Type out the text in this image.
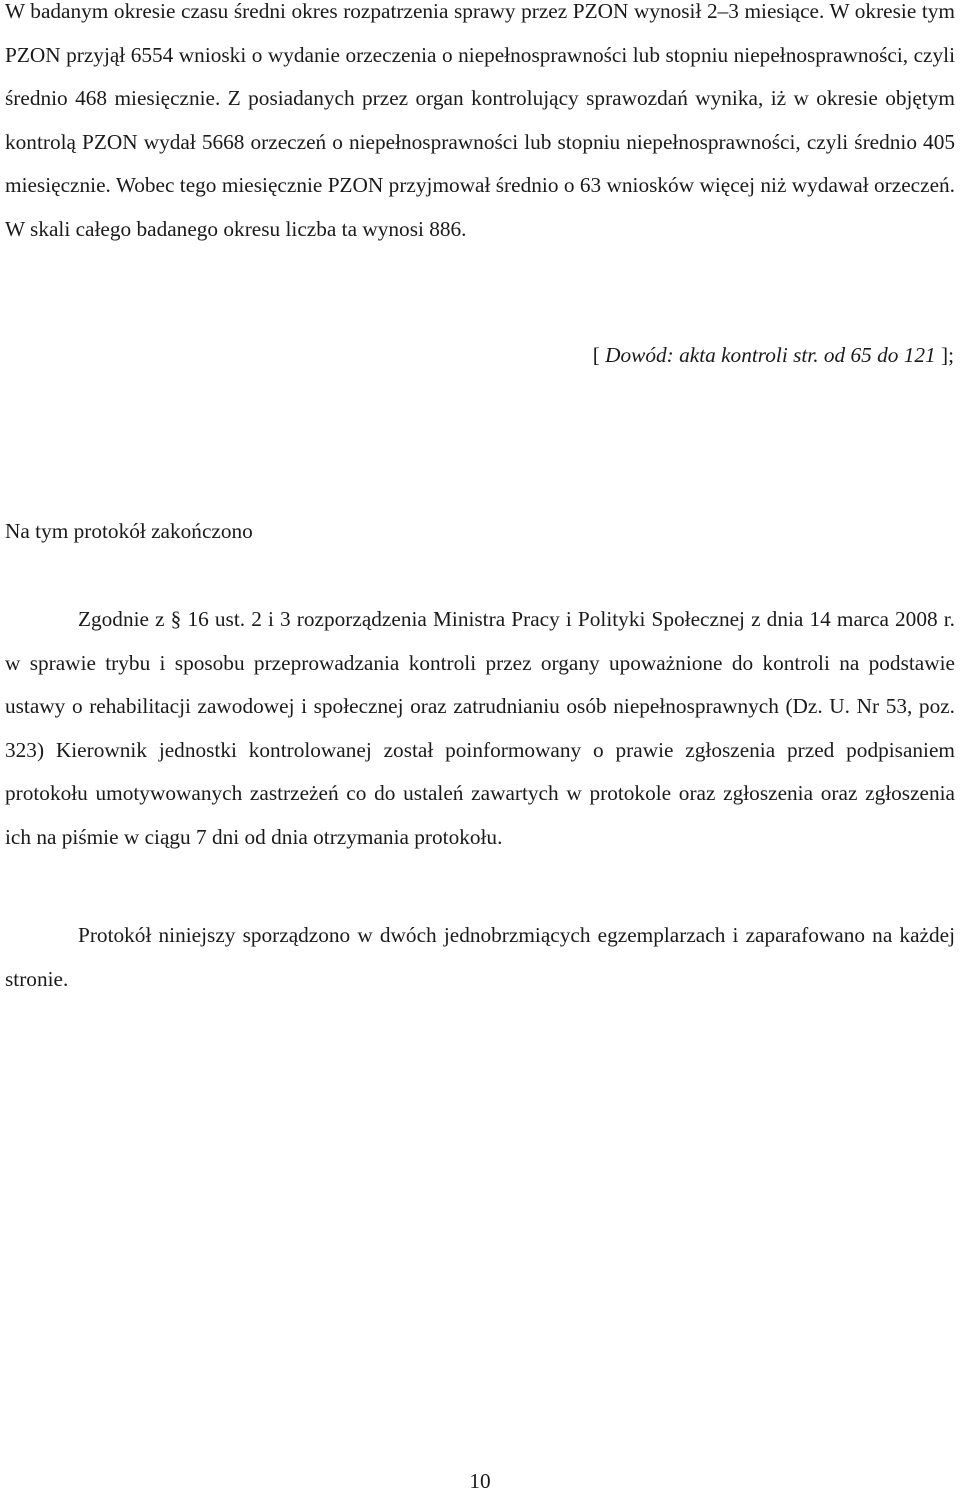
W badanym okresie czasu średni okres rozpatrzenia sprawy przez PZON wynosił 2–3 miesiące. W okresie tym PZON przyjął 6554 wnioski o wydanie orzeczenia o niepełnosprawności lub stopniu niepełnosprawności, czyli średnio 468 miesięcznie. Z posiadanych przez organ kontrolujący sprawozdań wynika, iż w okresie objętym kontrolą PZON wydał 5668 orzeczeń o niepełnosprawności lub stopniu niepełnosprawności, czyli średnio 405 miesięcznie. Wobec tego miesięcznie PZON przyjmował średnio o 63 wniosków więcej niż wydawał orzeczeń. W skali całego badanego okresu liczba ta wynosi 886.

[ Dowód: akta kontroli str. od 65 do 121 ];
Na tym protokół zakończono

Zgodnie z § 16 ust. 2 i 3 rozporządzenia Ministra Pracy i Polityki Społecznej z dnia 14 marca 2008 r. w sprawie trybu i sposobu przeprowadzania kontroli przez organy upoważnione do kontroli na podstawie ustawy o rehabilitacji zawodowej i społecznej oraz zatrudnianiu osób niepełnosprawnych (Dz. U. Nr 53, poz. 323) Kierownik jednostki kontrolowanej został poinformowany o prawie zgłoszenia przed podpisaniem protokołu umotywowanych zastrzeżeń co do ustaleń zawartych w protokole oraz zgłoszenia oraz zgłoszenia ich na piśmie w ciągu 7 dni od dnia otrzymania protokołu.

Protokół niniejszy sporządzono w dwóch jednobrzmiących egzemplarzach i zaparafowano na każdej stronie.

10
